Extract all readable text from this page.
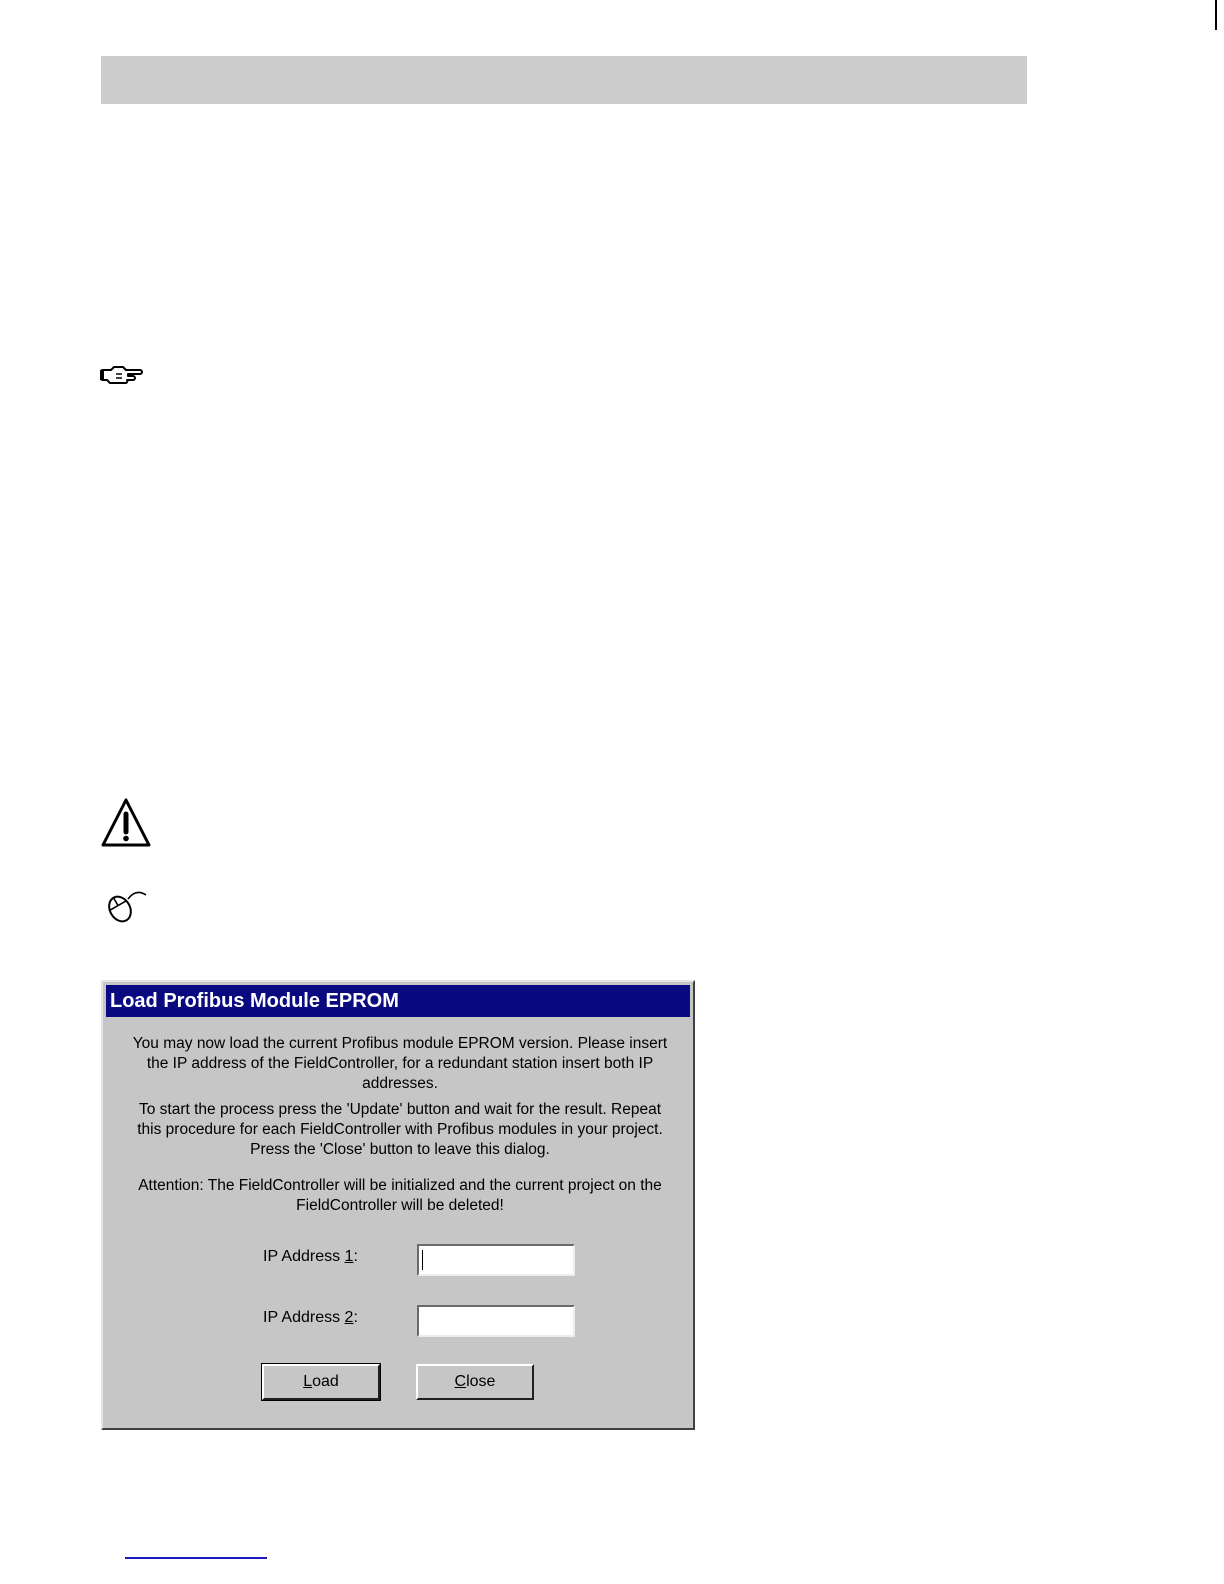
Load Profibus Module EPROM

You may now load the current Profibus module EPROM version. Please insert the IP address of the FieldController, for a redundant station insert both IP addresses.

To start the process press the 'Update' button and wait for the result. Repeat this procedure for each FieldController with Profibus modules in your project. Press the 'Close' button to leave this dialog.

Attention: The FieldController will be initialized and the current project on the FieldController will be deleted!

IP Address 1:
IP Address 2:
Load	Close
